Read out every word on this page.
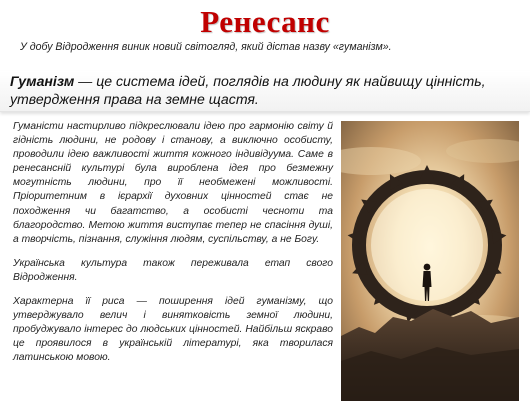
Ренесанс
У добу Відродження виник новий світогляд, який дістав назву «гуманізм».
Гуманізм — це система ідей, поглядів на людину як найвищу цінність, утвердження права на земне щастя.

Гуманісти настирливо підкреслювали ідею про гармонію світу й гідність людини, не родову і станову, а виключно особисту, проводили ідею важливості життя кожного індивідуума. Саме в ренесансній культурі була вироблена ідея про безмежну могутність людини, про її необмежені можливості. Пріоритетним в ієрархії духовних цінностей стає не походження чи багатство, а особисті чесноти та благородство. Метою життя виступає тепер не спасіння душі, а творчість, пізнання, служіння людям, суспільству, а не Богу.

Українська культура також переживала етап свого Відродження.

Характерна її риса — поширення ідей гуманізму, що утверджувало велич і винятковість земної людини, пробуджувало інтерес до людських цінностей. Найбільш яскраво це проявилося в українській літературі, яка творилася латинською мовою.
